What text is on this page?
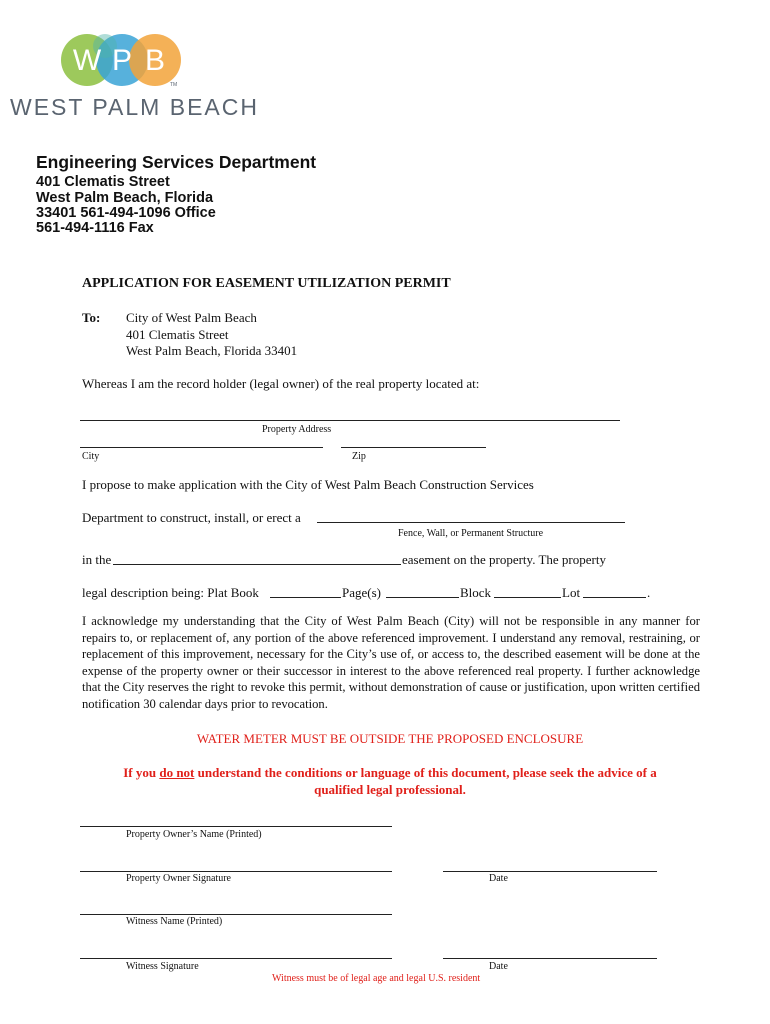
W P B
TM
WEST PALM BEACH
Engineering Services Department
401 Clematis Street
West Palm Beach, Florida
33401 561-494-1096 Office
561-494-1116 Fax
APPLICATION FOR EASEMENT UTILIZATION PERMIT
To: City of West Palm Beach
401 Clematis Street
West Palm Beach, Florida 33401
Whereas I am the record holder (legal owner) of the real property located at:
Property Address
City	Zip
I propose to make application with the City of West Palm Beach Construction Services
Department to construct, install, or erect a
Fence, Wall, or Permanent Structure
in the	easement on the property. The property
legal description being: Plat Book	Page(s)	Block	Lot	.
I acknowledge my understanding that the City of West Palm Beach (City) will not be responsible in any manner for repairs to, or replacement of, any portion of the above referenced improvement. I understand any removal, restraining, or replacement of this improvement, necessary for the City’s use of, or access to, the described easement will be done at the expense of the property owner or their successor in interest to the above referenced real property. I further acknowledge that the City reserves the right to revoke this permit, without demonstration of cause or justification, upon written certified notification 30 calendar days prior to revocation.
WATER METER MUST BE OUTSIDE THE PROPOSED ENCLOSURE
If you do not understand the conditions or language of this document, please seek the advice of a
qualified legal professional.
Property Owner’s Name (Printed)
Property Owner Signature	Date
Witness Name (Printed)
Witness Signature	Date
Witness must be of legal age and legal U.S. resident
